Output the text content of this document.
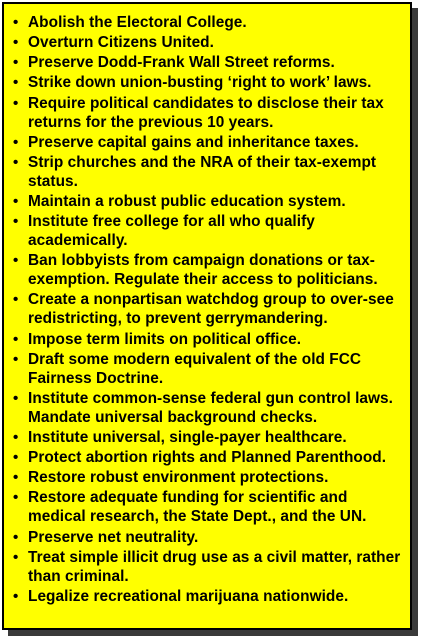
• Abolish the Electoral College.
• Overturn Citizens United.
• Preserve Dodd-Frank Wall Street reforms.
• Strike down union-busting ‘right to work’ laws.
• Require political candidates to disclose their tax returns for the previous 10 years.
• Preserve capital gains and inheritance taxes.
• Strip churches and the NRA of their tax-exempt status.
• Maintain a robust public education system.
• Institute free college for all who qualify academically.
• Ban lobbyists from campaign donations or tax-exemption. Regulate their access to politicians.
• Create a nonpartisan watchdog group to over-see redistricting, to prevent gerrymandering.
• Impose term limits on political office.
• Draft some modern equivalent of the old FCC Fairness Doctrine.
• Institute common-sense federal gun control laws. Mandate universal background checks.
• Institute universal, single-payer healthcare.
• Protect abortion rights and Planned Parenthood.
• Restore robust environment protections.
• Restore adequate funding for scientific and medical research, the State Dept., and the UN.
• Preserve net neutrality.
• Treat simple illicit drug use as a civil matter, rather than criminal.
• Legalize recreational marijuana nationwide.
